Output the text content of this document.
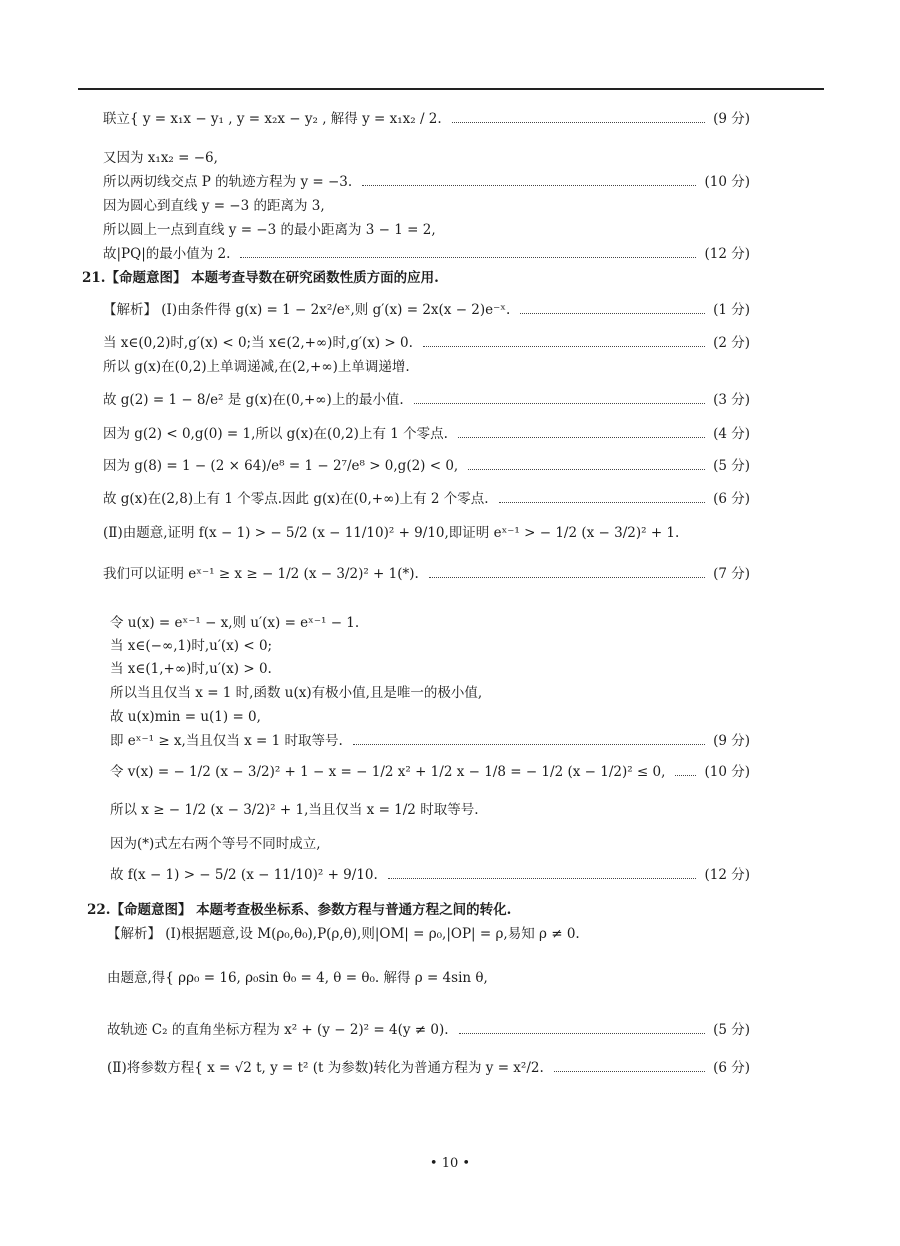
联立{ y = x₁x − y₁ , y = x₂x − y₂ , 解得 y = x₁x₂ / 2.
又因为 x₁x₂ = −6,
所以两切线交点 P 的轨迹方程为 y = −3.
因为圆心到直线 y = −3 的距离为 3,
所以圆上一点到直线 y = −3 的最小距离为 3 − 1 = 2,
故|PQ|的最小值为 2.
21.【命题意图】 本题考查导数在研究函数性质方面的应用.
【解析】 (Ⅰ)由条件得 g(x) = 1 − 2x²/eˣ,则 g′(x) = 2x(x − 2)e⁻ˣ.
当 x∈(0,2)时,g′(x) < 0;当 x∈(2,+∞)时,g′(x) > 0.
所以 g(x)在(0,2)上单调递减,在(2,+∞)上单调递增.
故 g(2) = 1 − 8/e² 是 g(x)在(0,+∞)上的最小值.
因为 g(2) < 0,g(0) = 1,所以 g(x)在(0,2)上有 1 个零点.
因为 g(8) = 1 − (2 × 64)/e⁸ = 1 − 2⁷/e⁸ > 0,g(2) < 0,
故 g(x)在(2,8)上有 1 个零点.因此 g(x)在(0,+∞)上有 2 个零点.
(Ⅱ)由题意,证明 f(x − 1) > − 5/2 (x − 11/10)² + 9/10,即证明 eˣ⁻¹ > − 1/2 (x − 3/2)² + 1.
我们可以证明 eˣ⁻¹ ≥ x ≥ − 1/2 (x − 3/2)² + 1(*).
令 u(x) = eˣ⁻¹ − x,则 u′(x) = eˣ⁻¹ − 1.
当 x∈(−∞,1)时,u′(x) < 0;
当 x∈(1,+∞)时,u′(x) > 0.
所以当且仅当 x = 1 时,函数 u(x)有极小值,且是唯一的极小值,
故 u(x)min = u(1) = 0,
即 eˣ⁻¹ ≥ x,当且仅当 x = 1 时取等号.
令 v(x) = − 1/2 (x − 3/2)² + 1 − x = − 1/2 x² + 1/2 x − 1/8 = − 1/2 (x − 1/2)² ≤ 0,
所以 x ≥ − 1/2 (x − 3/2)² + 1,当且仅当 x = 1/2 时取等号.
因为(*)式左右两个等号不同时成立,
故 f(x − 1) > − 5/2 (x − 11/10)² + 9/10.
22.【命题意图】 本题考查极坐标系、参数方程与普通方程之间的转化.
【解析】 (Ⅰ)根据题意,设 M(ρ₀,θ₀),P(ρ,θ),则|OM| = ρ₀,|OP| = ρ,易知 ρ ≠ 0.
由题意,得{ ρρ₀ = 16, ρ₀sin θ₀ = 4, θ = θ₀. 解得 ρ = 4sin θ,
故轨迹 C₂ 的直角坐标方程为 x² + (y − 2)² = 4(y ≠ 0).
(Ⅱ)将参数方程{ x = √2 t, y = t² (t 为参数)转化为普通方程为 y = x²/2.
• 10 •
(9 分)
(10 分)
(12 分)
(1 分)
(2 分)
(3 分)
(4 分)
(5 分)
(6 分)
(7 分)
(9 分)
(10 分)
(12 分)
(5 分)
(6 分)
